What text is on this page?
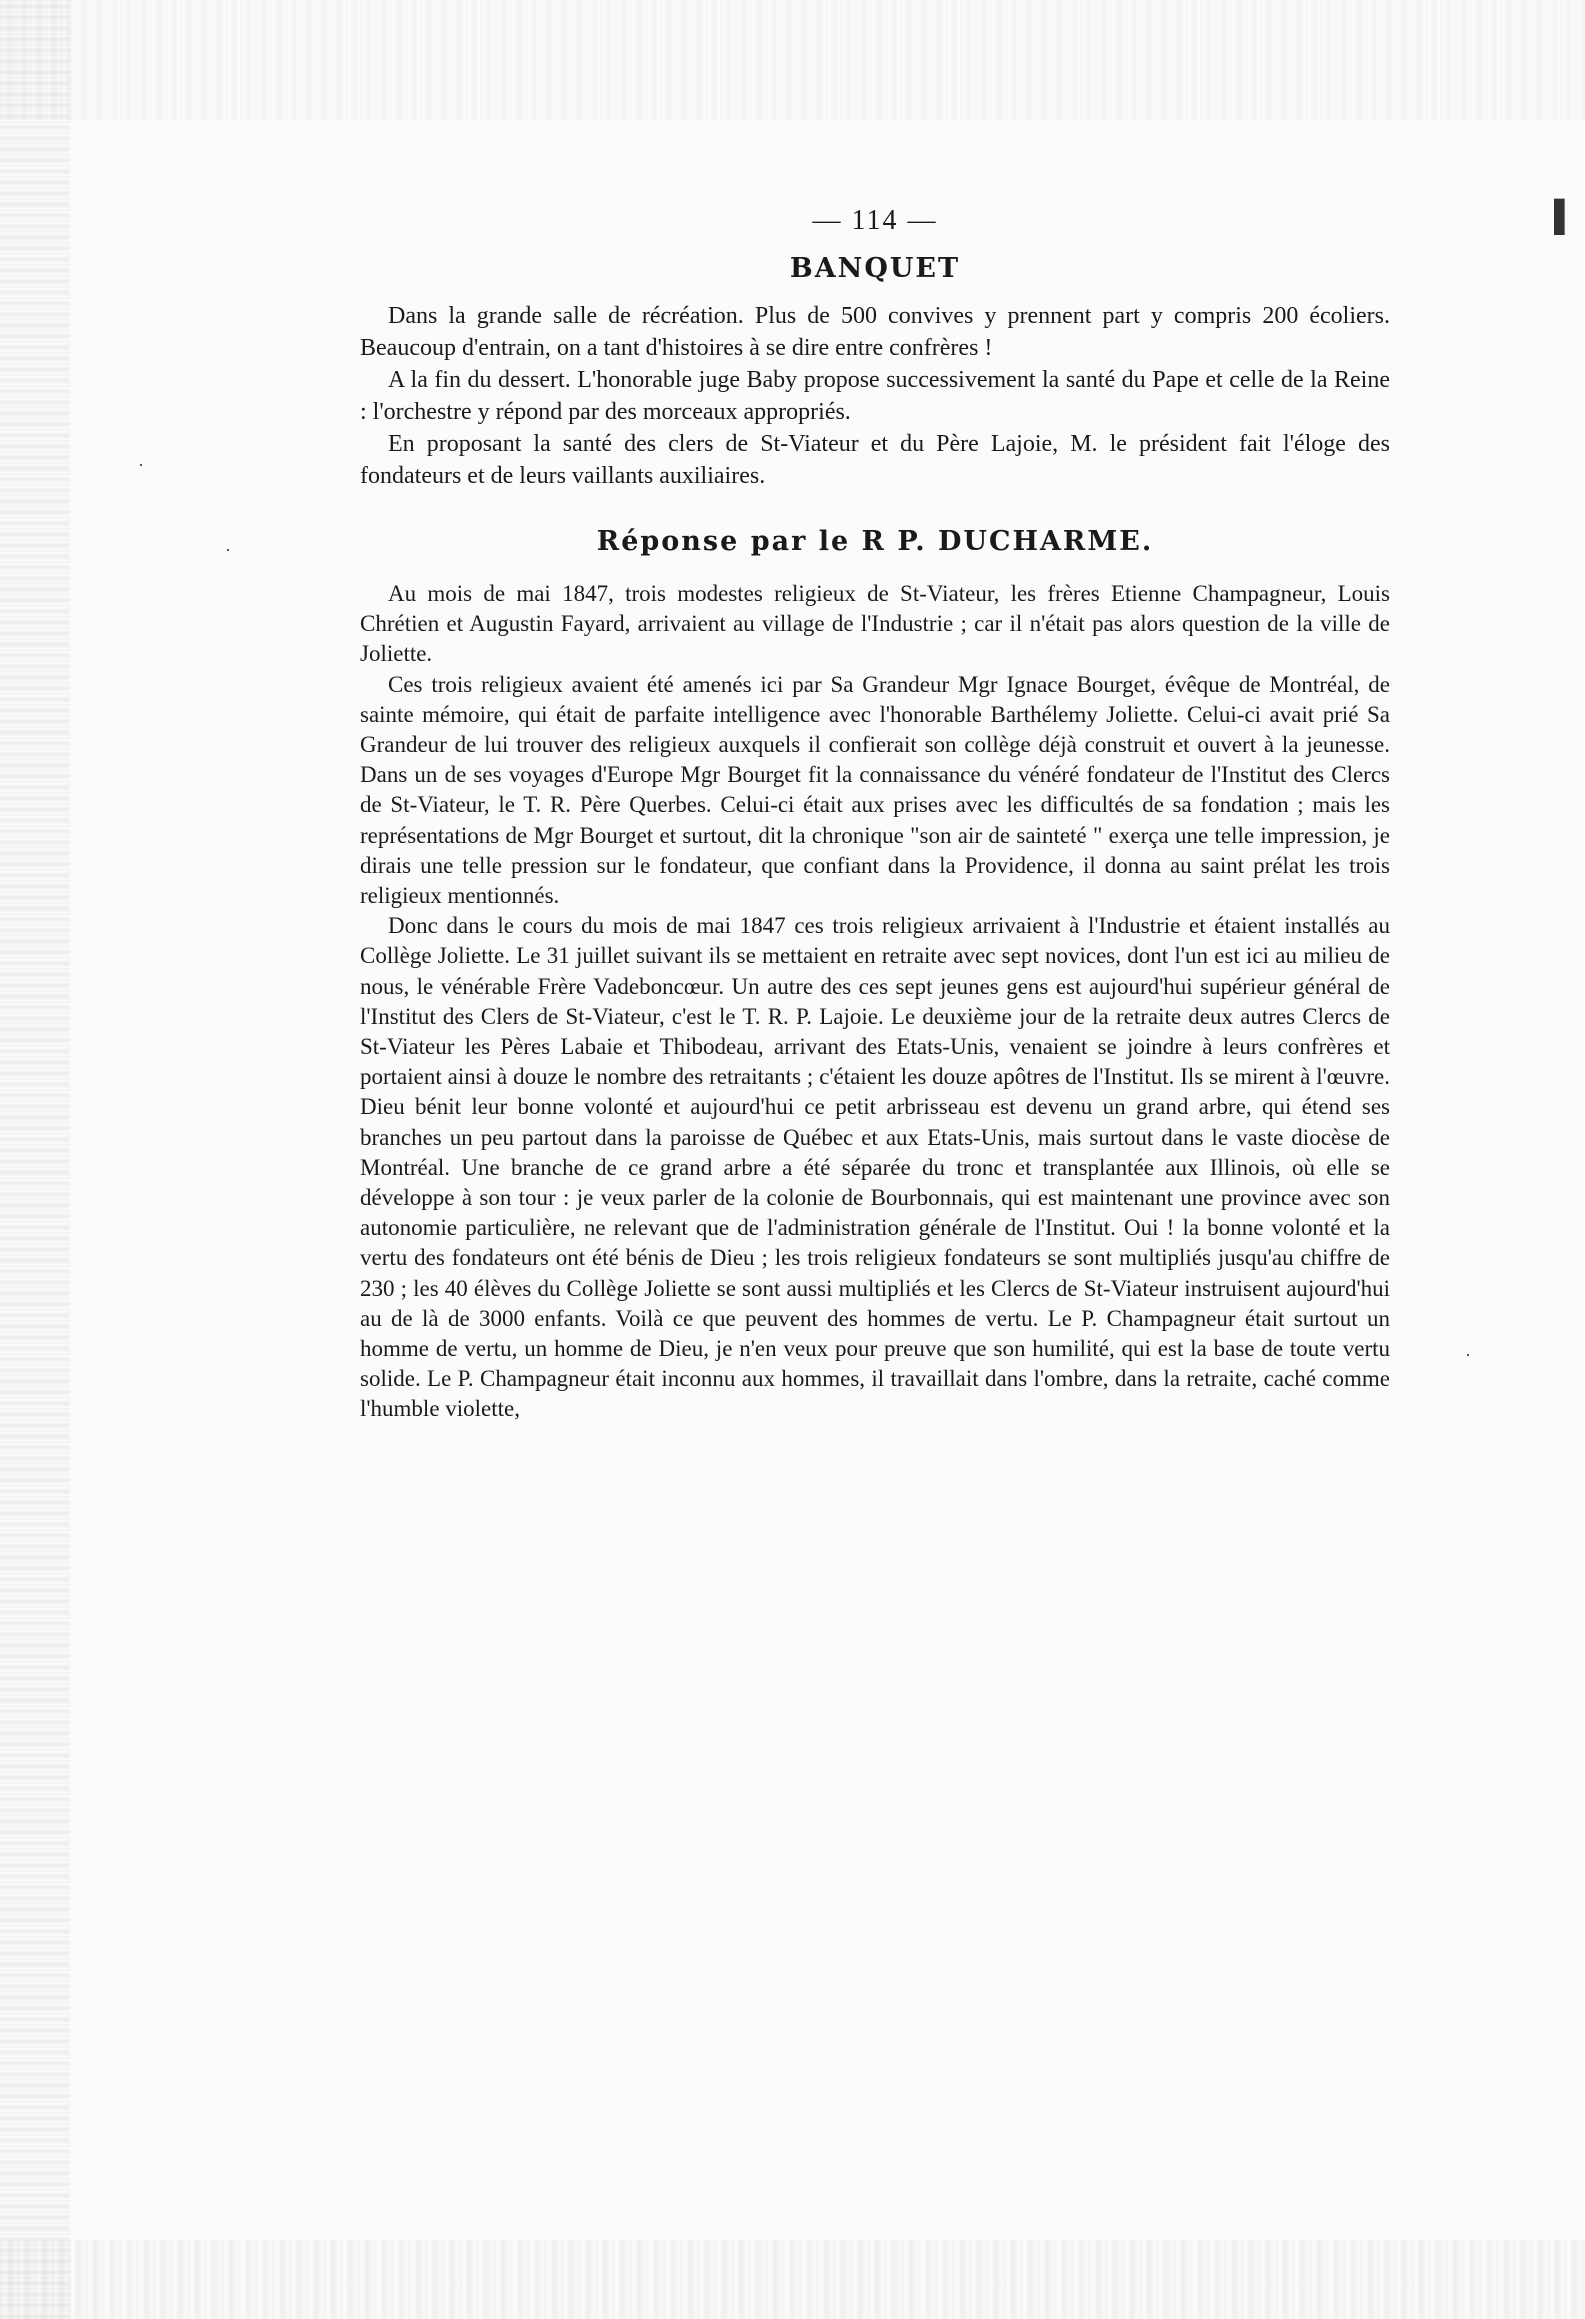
·
·
·
▌
— 114 —
BANQUET

Dans la grande salle de récréation. Plus de 500 convives y prennent part y compris 200 écoliers. Beaucoup d'entrain, on a tant d'histoires à se dire entre confrères !

A la fin du dessert. L'honorable juge Baby propose successivement la santé du Pape et celle de la Reine : l'orchestre y répond par des morceaux appropriés.

En proposant la santé des clers de St-Viateur et du Père Lajoie, M. le président fait l'éloge des fondateurs et de leurs vaillants auxiliaires.

Réponse par le R P. DUCHARME.

Au mois de mai 1847, trois modestes religieux de St-Viateur, les frères Etienne Champagneur, Louis Chrétien et Augustin Fayard, arrivaient au village de l'Industrie ; car il n'était pas alors question de la ville de Joliette.

Ces trois religieux avaient été amenés ici par Sa Grandeur Mgr Ignace Bourget, évêque de Montréal, de sainte mémoire, qui était de parfaite intelligence avec l'honorable Barthélemy Joliette. Celui-ci avait prié Sa Grandeur de lui trouver des religieux auxquels il confierait son collège déjà construit et ouvert à la jeunesse. Dans un de ses voyages d'Europe Mgr Bourget fit la connaissance du vénéré fondateur de l'Institut des Clercs de St-Viateur, le T. R. Père Querbes. Celui-ci était aux prises avec les difficultés de sa fondation ; mais les représentations de Mgr Bourget et surtout, dit la chronique "son air de sainteté " exerça une telle impression, je dirais une telle pression sur le fondateur, que confiant dans la Providence, il donna au saint prélat les trois religieux mentionnés.

Donc dans le cours du mois de mai 1847 ces trois religieux arrivaient à l'Industrie et étaient installés au Collège Joliette. Le 31 juillet suivant ils se mettaient en retraite avec sept novices, dont l'un est ici au milieu de nous, le vénérable Frère Vadeboncœur. Un autre des ces sept jeunes gens est aujourd'hui supérieur général de l'Institut des Clers de St-Viateur, c'est le T. R. P. Lajoie. Le deuxième jour de la retraite deux autres Clercs de St-Viateur les Pères Labaie et Thibodeau, arrivant des Etats-Unis, venaient se joindre à leurs confrères et portaient ainsi à douze le nombre des retraitants ; c'étaient les douze apôtres de l'Institut. Ils se mirent à l'œuvre. Dieu bénit leur bonne volonté et aujourd'hui ce petit arbrisseau est devenu un grand arbre, qui étend ses branches un peu partout dans la paroisse de Québec et aux Etats-Unis, mais surtout dans le vaste diocèse de Montréal. Une branche de ce grand arbre a été séparée du tronc et transplantée aux Illinois, où elle se développe à son tour : je veux parler de la colonie de Bourbonnais, qui est maintenant une province avec son autonomie particulière, ne relevant que de l'administration générale de l'Institut. Oui ! la bonne volonté et la vertu des fondateurs ont été bénis de Dieu ; les trois religieux fondateurs se sont multipliés jusqu'au chiffre de 230 ; les 40 élèves du Collège Joliette se sont aussi multipliés et les Clercs de St-Viateur instruisent aujourd'hui au de là de 3000 enfants. Voilà ce que peuvent des hommes de vertu. Le P. Champagneur était surtout un homme de vertu, un homme de Dieu, je n'en veux pour preuve que son humilité, qui est la base de toute vertu solide. Le P. Champagneur était inconnu aux hommes, il travaillait dans l'ombre, dans la retraite, caché comme l'humble violette,
